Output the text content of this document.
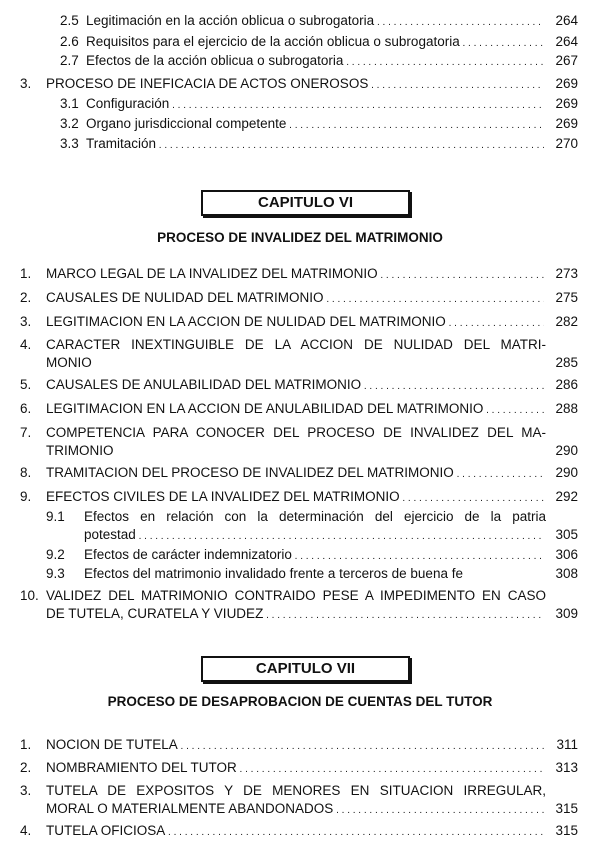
2.5 Legitimación en la acción oblicua o subrogatoria . . .	264
2.6 Requisitos para el ejercicio de la acción oblicua o subrogatoria . . .	264
2.7 Efectos de la acción oblicua o subrogatoria . . .	267
3. PROCESO DE INEFICACIA DE ACTOS ONEROSOS . . .	269
3.1 Configuración . . .	269
3.2 Organo jurisdiccional competente . . .	269
3.3 Tramitación . . .	270
CAPITULO VI
PROCESO DE INVALIDEZ DEL MATRIMONIO
1. MARCO LEGAL DE LA INVALIDEZ DEL MATRIMONIO . . .	273
2. CAUSALES DE NULIDAD DEL MATRIMONIO . . .	275
3. LEGITIMACION EN LA ACCION DE NULIDAD DEL MATRIMONIO . . .	282
4. CARACTER INEXTINGUIBLE DE LA ACCION DE NULIDAD DEL MATRI-
MONIO	285
5. CAUSALES DE ANULABILIDAD DEL MATRIMONIO . . .	286
6. LEGITIMACION EN LA ACCION DE ANULABILIDAD DEL MATRIMONIO . . .	288
7. COMPETENCIA PARA CONOCER DEL PROCESO DE INVALIDEZ DEL MA-
TRIMONIO	290
8. TRAMITACION DEL PROCESO DE INVALIDEZ DEL MATRIMONIO . . .	290
9. EFECTOS CIVILES DE LA INVALIDEZ DEL MATRIMONIO . . .	292
9.1 Efectos en relación con la determinación del ejercicio de la patria
potestad . . .	305
9.2 Efectos de carácter indemnizatorio . . .	306
9.3 Efectos del matrimonio invalidado frente a terceros de buena fe	308
10. VALIDEZ DEL MATRIMONIO CONTRAIDO PESE A IMPEDIMENTO EN CASO
DE TUTELA, CURATELA Y VIUDEZ . . .	309
CAPITULO VII
PROCESO DE DESAPROBACION DE CUENTAS DEL TUTOR
1. NOCION DE TUTELA . . .	311
2. NOMBRAMIENTO DEL TUTOR . . .	313
3. TUTELA DE EXPOSITOS Y DE MENORES EN SITUACION IRREGULAR,
MORAL O MATERIALMENTE ABANDONADOS . . .	315
4. TUTELA OFICIOSA . . .	315
